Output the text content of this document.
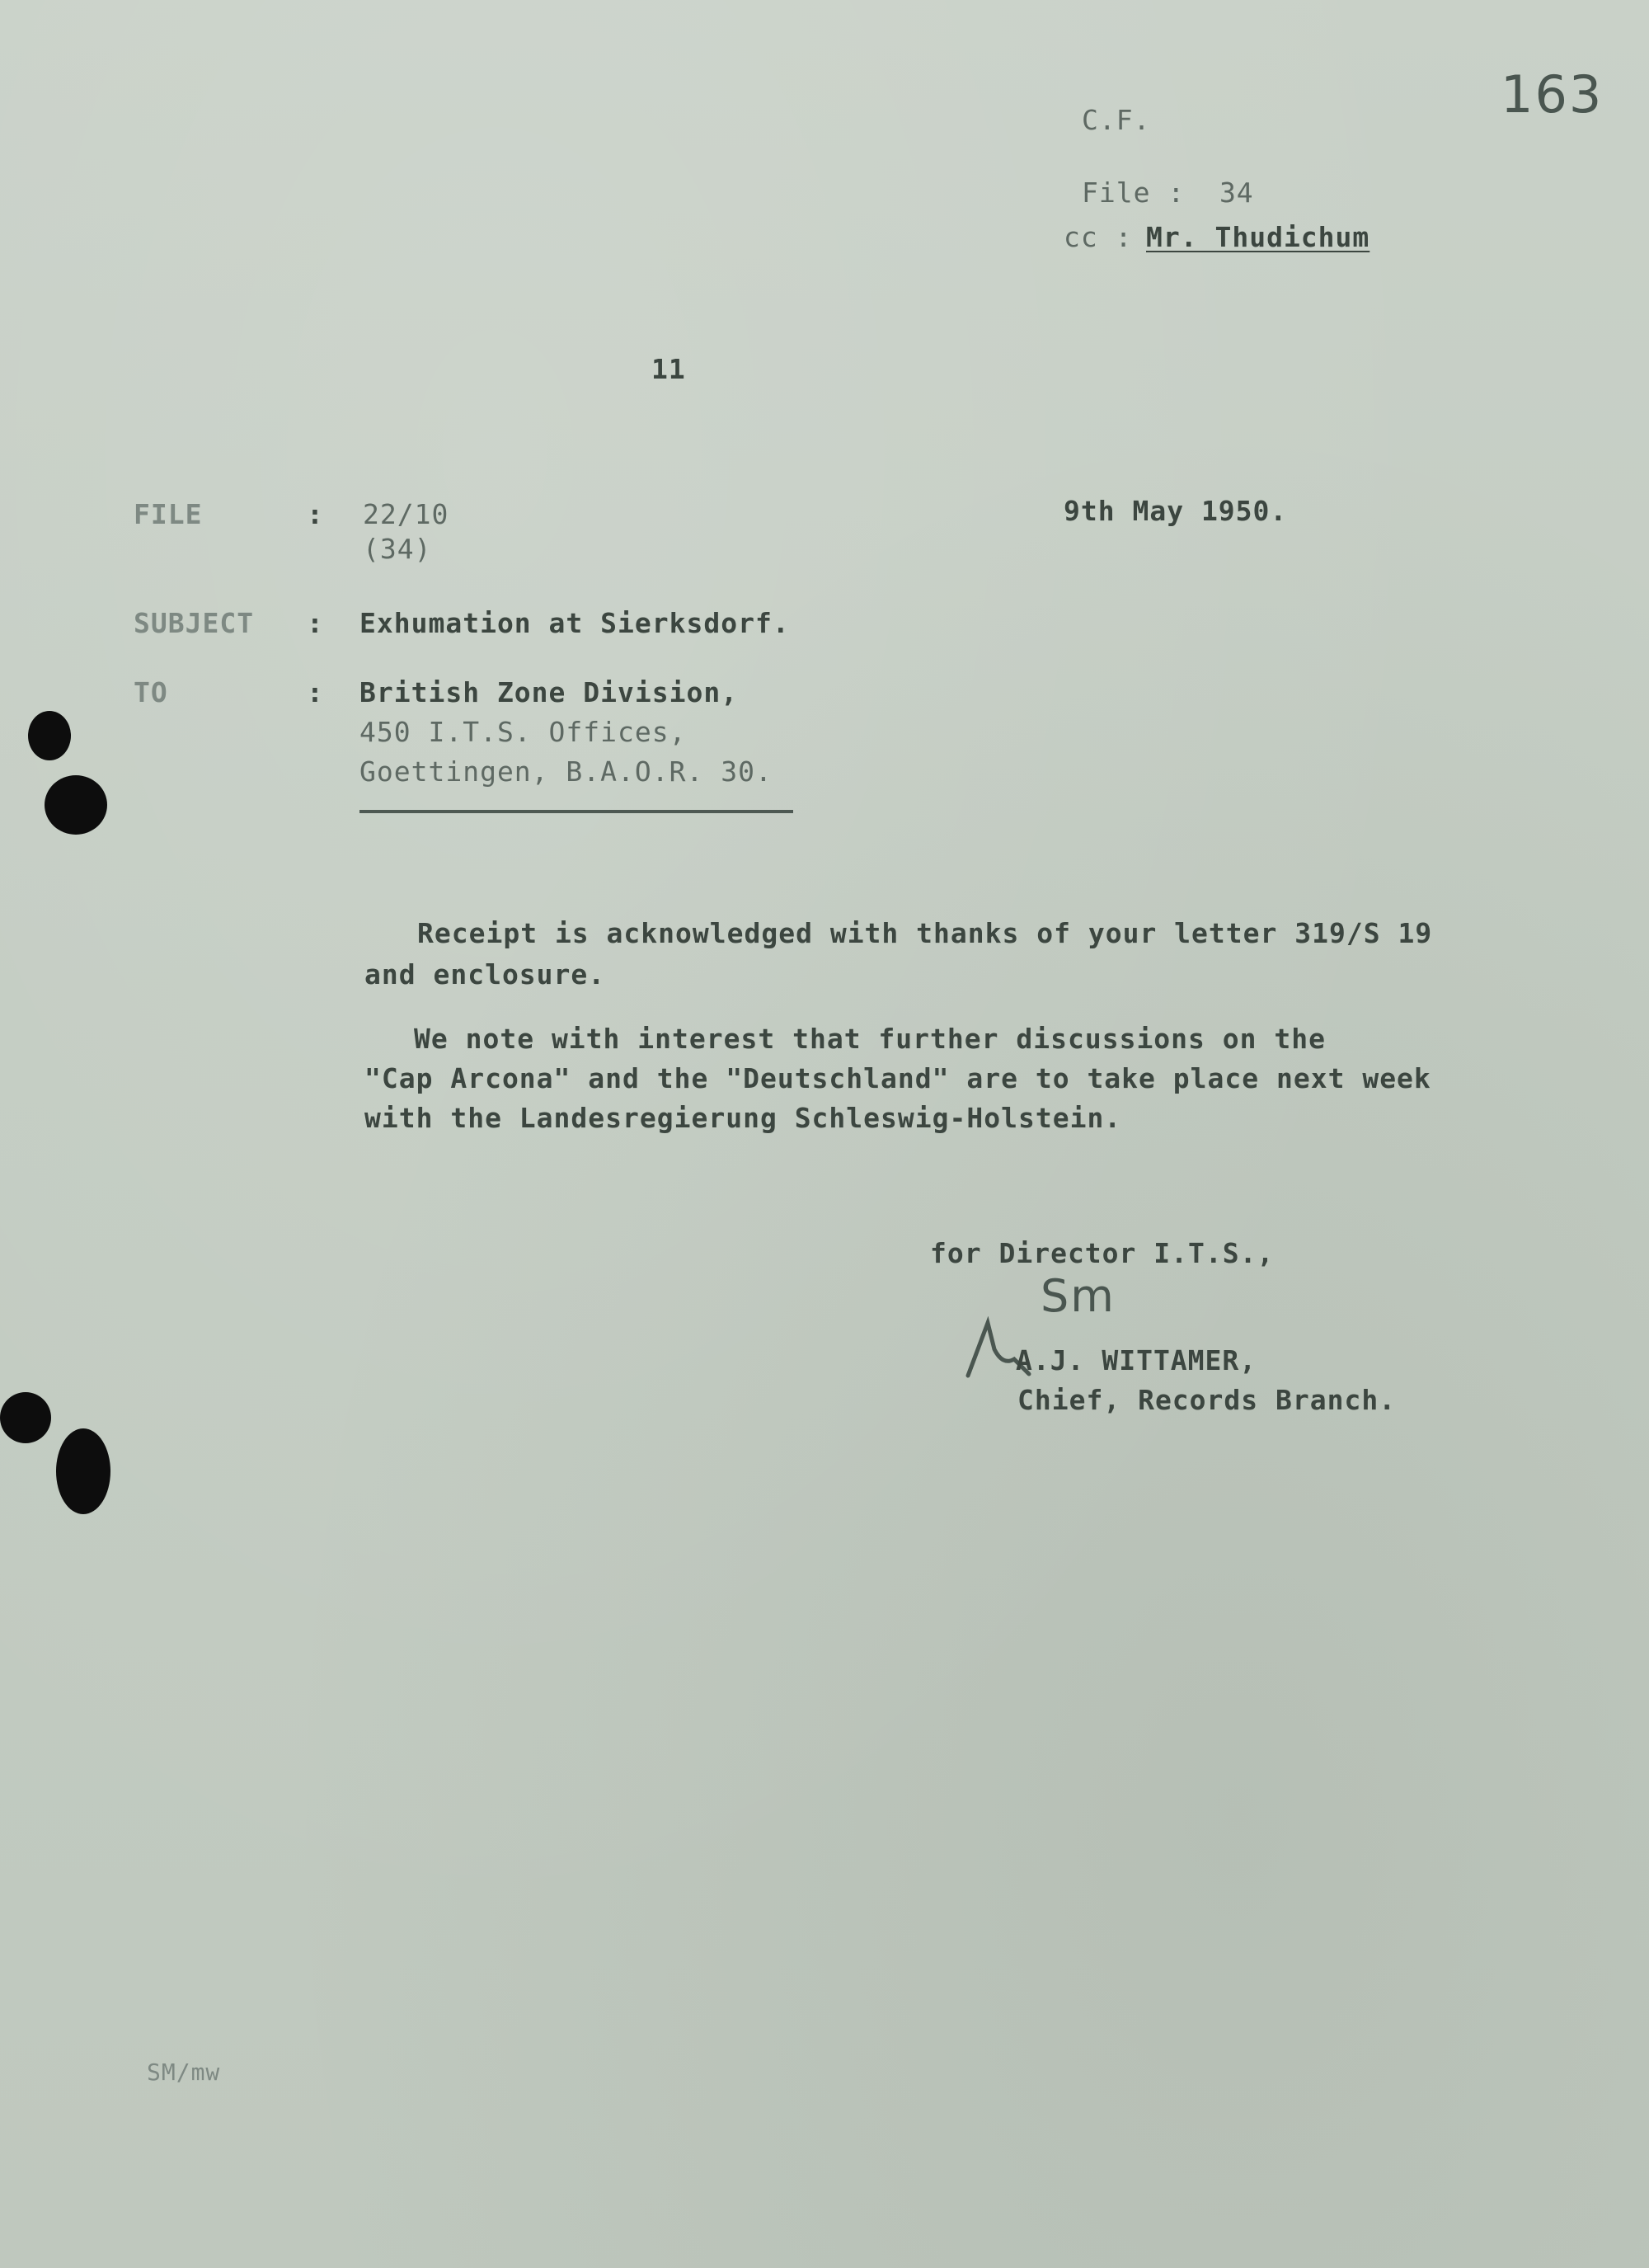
163
C.F.
File :  34
cc : Mr. Thudichum
11
9th May 1950.
FILE	: 22/10
(34)
SUBJECT : Exhumation at Sierksdorf.
TO	: British Zone Division,
450 I.T.S. Offices,
Goettingen, B.A.O.R. 30.
Receipt is acknowledged with thanks of your letter 319/S 19
and enclosure.
We note with interest that further discussions on the
"Cap Arcona" and the "Deutschland" are to take place next week
with the Landesregierung Schleswig-Holstein.
for Director I.T.S.,
Sm
A.J. WITTAMER,
Chief, Records Branch.
SM/mw
